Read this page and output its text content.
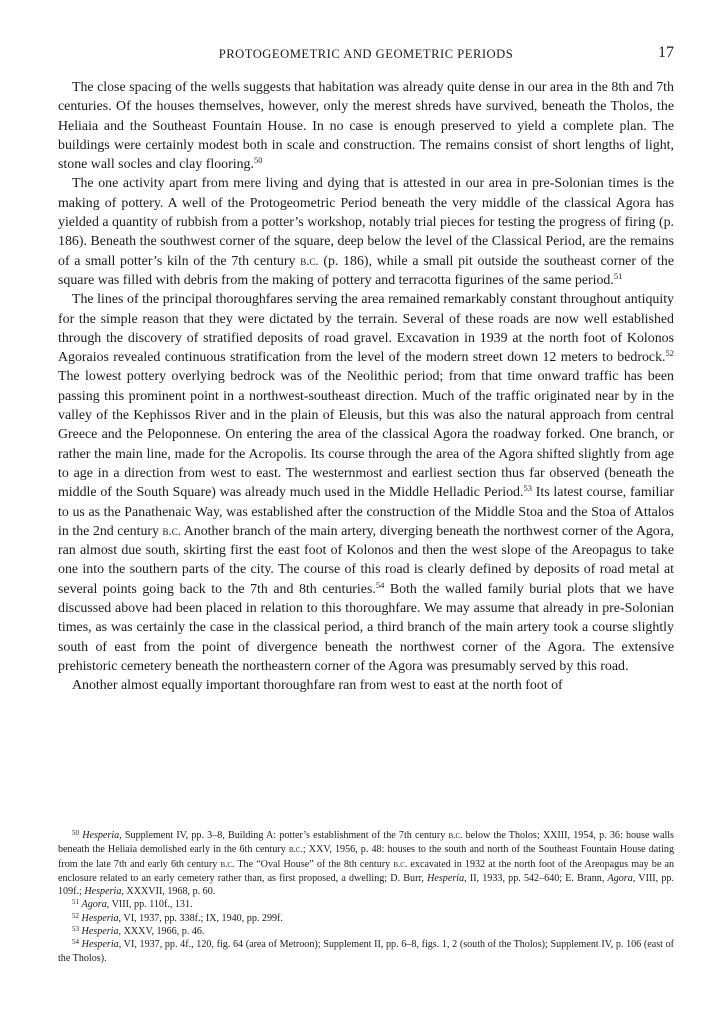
PROTOGEOMETRIC AND GEOMETRIC PERIODS	17

The close spacing of the wells suggests that habitation was already quite dense in our area in the 8th and 7th centuries. Of the houses themselves, however, only the merest shreds have survived, beneath the Tholos, the Heliaia and the Southeast Fountain House. In no case is enough preserved to yield a complete plan. The buildings were certainly modest both in scale and construction. The remains consist of short lengths of light, stone wall socles and clay flooring.$^{50}$

The one activity apart from mere living and dying that is attested in our area in pre-Solonian times is the making of pottery. A well of the Protogeometric Period beneath the very middle of the classical Agora has yielded a quantity of rubbish from a potter’s workshop, notably trial pieces for testing the progress of firing (p. 186). Beneath the southwest corner of the square, deep below the level of the Classical Period, are the remains of a small potter’s kiln of the 7th century b.c. (p. 186), while a small pit outside the southeast corner of the square was filled with debris from the making of pottery and terracotta figurines of the same period.$^{51}$

The lines of the principal thoroughfares serving the area remained remarkably constant throughout antiquity for the simple reason that they were dictated by the terrain. Several of these roads are now well established through the discovery of stratified deposits of road gravel. Excavation in 1939 at the north foot of Kolonos Agoraios revealed continuous stratification from the level of the modern street down 12 meters to bedrock.$^{52}$ The lowest pottery overlying bedrock was of the Neolithic period; from that time onward traffic has been passing this prominent point in a northwest-southeast direction. Much of the traffic originated near by in the valley of the Kephissos River and in the plain of Eleusis, but this was also the natural approach from central Greece and the Peloponnese. On entering the area of the classical Agora the roadway forked. One branch, or rather the main line, made for the Acropolis. Its course through the area of the Agora shifted slightly from age to age in a direction from west to east. The westernmost and earliest section thus far observed (beneath the middle of the South Square) was already much used in the Middle Helladic Period.$^{53}$ Its latest course, familiar to us as the Panathenaic Way, was established after the construction of the Middle Stoa and the Stoa of Attalos in the 2nd century b.c. Another branch of the main artery, diverging beneath the northwest corner of the Agora, ran almost due south, skirting first the east foot of Kolonos and then the west slope of the Areopagus to take one into the southern parts of the city. The course of this road is clearly defined by deposits of road metal at several points going back to the 7th and 8th centuries.$^{54}$ Both the walled family burial plots that we have discussed above had been placed in relation to this thoroughfare. We may assume that already in pre-Solonian times, as was certainly the case in the classical period, a third branch of the main artery took a course slightly south of east from the point of divergence beneath the northwest corner of the Agora. The extensive prehistoric cemetery beneath the northeastern corner of the Agora was presumably served by this road.

Another almost equally important thoroughfare ran from west to east at the north foot of

$^{50}$ Hesperia, Supplement IV, pp. 3–8, Building A: potter’s establishment of the 7th century b.c. below the Tholos; XXIII, 1954, p. 36: house walls beneath the Heliaia demolished early in the 6th century b.c.; XXV, 1956, p. 48: houses to the south and north of the Southeast Fountain House dating from the late 7th and early 6th century b.c. The “Oval House” of the 8th century b.c. excavated in 1932 at the north foot of the Areopagus may be an enclosure related to an early cemetery rather than, as first proposed, a dwelling; D. Burr, Hesperia, II, 1933, pp. 542–640; E. Brann, Agora, VIII, pp. 109f.; Hesperia, XXXVII, 1968, p. 60.

$^{51}$ Agora, VIII, pp. 110f., 131.

$^{52}$ Hesperia, VI, 1937, pp. 338f.; IX, 1940, pp. 299f.

$^{53}$ Hesperia, XXXV, 1966, p. 46.

$^{54}$ Hesperia, VI, 1937, pp. 4f., 120, fig. 64 (area of Metroon); Supplement II, pp. 6–8, figs. 1, 2 (south of the Tholos); Supplement IV, p. 106 (east of the Tholos).
